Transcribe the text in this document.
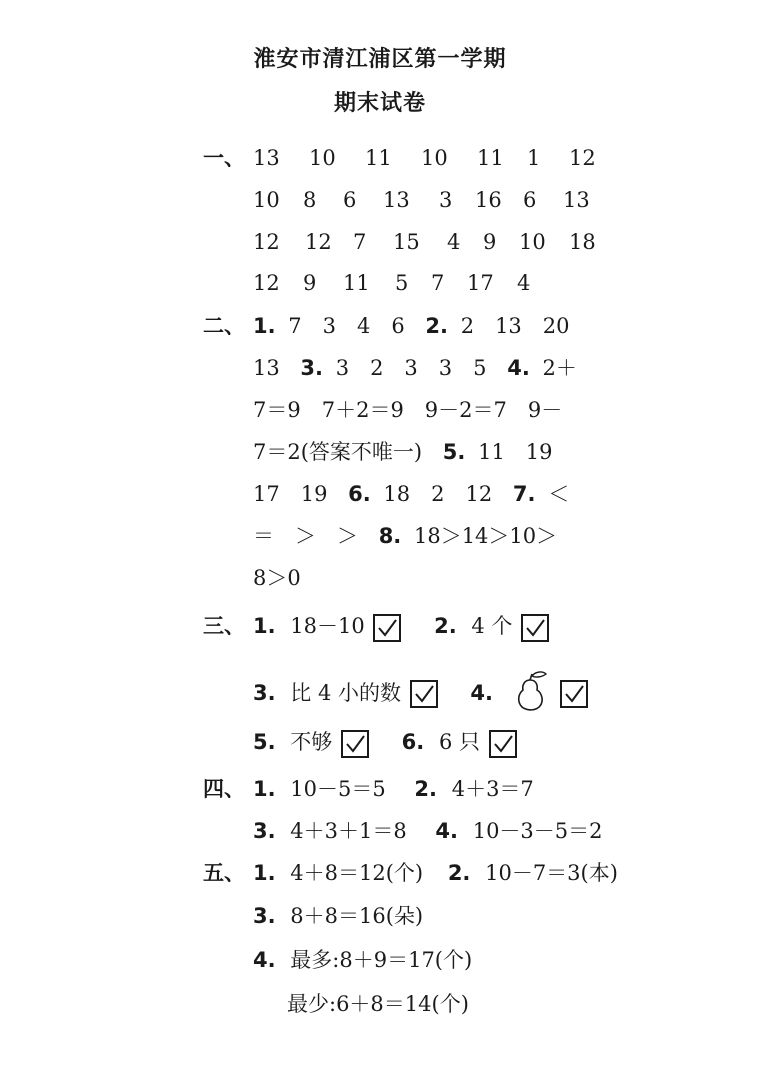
淮安市清江浦区第一学期
期末试卷
一、 13 10 11 10 11 1 12
10 8 6 13 3 16 6 13
12 12 7 15 4 9 10 18
12 9 11 5 7 17 4
二、 1. 7　3　4　6 2. 2　13　20
13 3. 3　2　3　3　5 4. 2＋
7＝9　7＋2＝9　9－2＝7　9－
7＝2(答案不唯一) 5. 11　19
17　19 6. 18　2　12 7. ＜
＝　＞　＞ 8. 18＞14＞10＞
8＞0
三、 1. 18－10	2. 4 个
3. 比 4 小的数	4.
5. 不够	6. 6 只
四、 1. 10－5＝5 2. 4＋3＝7
3. 4＋3＋1＝8 4. 10－3－5＝2
五、 1. 4＋8＝12(个) 2. 10－7＝3(本)
3. 8＋8＝16(朵)
4. 最多:8＋9＝17(个)
最少:6＋8＝14(个)
